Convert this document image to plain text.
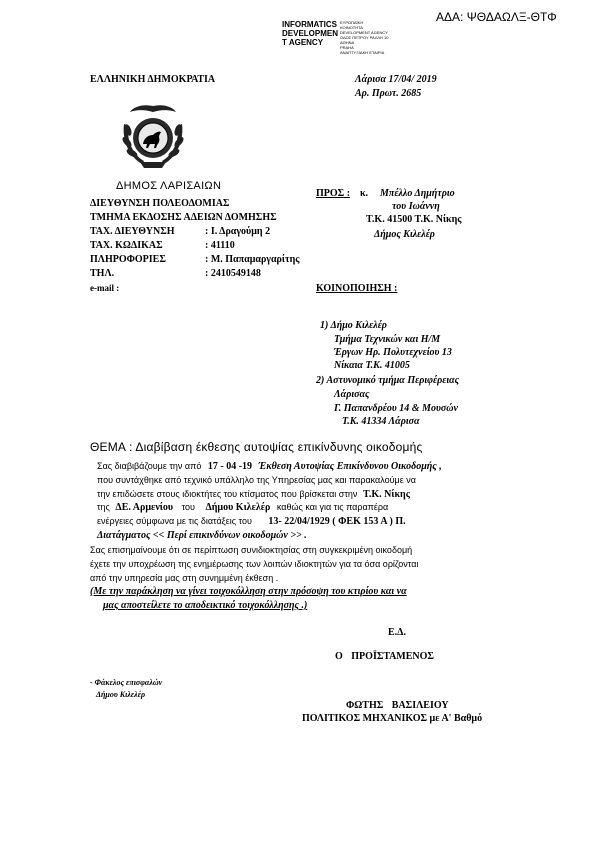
ΑΔΑ: ΨΘΔΑΩΛΞ-ΘΤΦ
INFORMATICS
DEVELOPMEN
T AGENCY
ΕΥΡΩΠΑΪΚΗ
ΚΟΙΝΟΤΗΤΑ
DEVELOPMENT AGENCY
ΟΔΟΣ ΠΕΤΡΟΥ ΡΑΛΛΗ 10
ΑΘΗΝΑ
PRAHA
ΑΝΑΠΤΥΞΙΑΚΗ ΕΤΑΙΡΙΑ
ΕΛΛΗΝΙΚΗ ΔΗΜΟΚΡΑΤΙΑ	Λάρισα 17/04/ 2019
Αρ. Πρωτ. 2685
ΔΗΜΟΣ ΛΑΡΙΣΑΙΩΝ
ΔΙΕΥΘΥΝΣΗ ΠΟΛΕΟΔΟΜΙΑΣ
ΤΜΗΜΑ ΕΚΔΟΣΗΣ ΑΔΕΙΩΝ ΔΟΜΗΣΗΣ
ΤΑΧ. ΔΙΕΥΘΥΝΣΗ	: Ι. Δραγούμη 2
ΤΑΧ. ΚΩΔΙΚΑΣ	: 41110
ΠΛΗΡΟΦΟΡΙΕΣ	: Μ. Παπαμαργαρίτης
ΤΗΛ.	: 2410549148
e-mail :
ΠΡΟΣ : κ. Μπέλλο Δημήτριο
του Ιωάννη
Τ.Κ. 41500 Τ.Κ. Νίκης
Δήμος Κιλελέρ
ΚΟΙΝΟΠΟΙΗΣΗ :
1) Δήμο Κιλελέρ
Τμήμα Τεχνικών και Η/Μ
Έργων Ηρ. Πολυτεχνείου 13
Νίκαια Τ.Κ. 41005
2) Αστυνομικό τμήμα Περιφέρειας
Λάρισας
Γ. Παπανδρέου 14 & Μουσών
Τ.Κ. 41334 Λάρισα
ΘΕΜΑ : Διαβίβαση έκθεσης αυτοψίας επικίνδυνης οικοδομής
Σας διαβιβάζουμε την από 17 - 04 -19 Έκθεση Αυτοψίας Επικίνδυνου Οικοδομής ,
που συντάχθηκε από τεχνικό υπάλληλο της Υπηρεσίας μας και παρακαλούμε να
την επιδώσετε στους ιδιοκτήτες του κτίσματος που βρίσκεται στην Τ.Κ. Νίκης
της ΔΕ. Αρμενίου του Δήμου Κιλελέρ καθώς και για τις παραπέρα
ενέργειες σύμφωνα με τις διατάξεις του 13- 22/04/1929 ( ΦΕΚ 153 Α ) Π.
Διατάγματος << Περί επικινδύνων οικοδομών >> .
Σας επισημαίνουμε ότι σε περίπτωση συνιδιοκτησίας στη συγκεκριμένη οικοδομή
έχετε την υποχρέωση της ενημέρωσης των λοιπών ιδιοκτητών για τα όσα ορίζονται
από την υπηρεσία μας στη συνημμένη έκθεση .
(Με την παράκληση να γίνει τοιχοκόλληση στην πρόσοψη του κτιρίου και να
μας αποστείλετε το αποδεικτικό τοιχοκόλλησης .)
Ε.Δ.
Ο ΠΡΟΪΣΤΑΜΕΝΟΣ
- Φάκελος επισφαλών
Δήμου Κιλελέρ
ΦΩΤΗΣ ΒΑΣΙΛΕΙΟΥ
ΠΟΛΙΤΙΚΟΣ ΜΗΧΑΝΙΚΟΣ με Α' Βαθμό
